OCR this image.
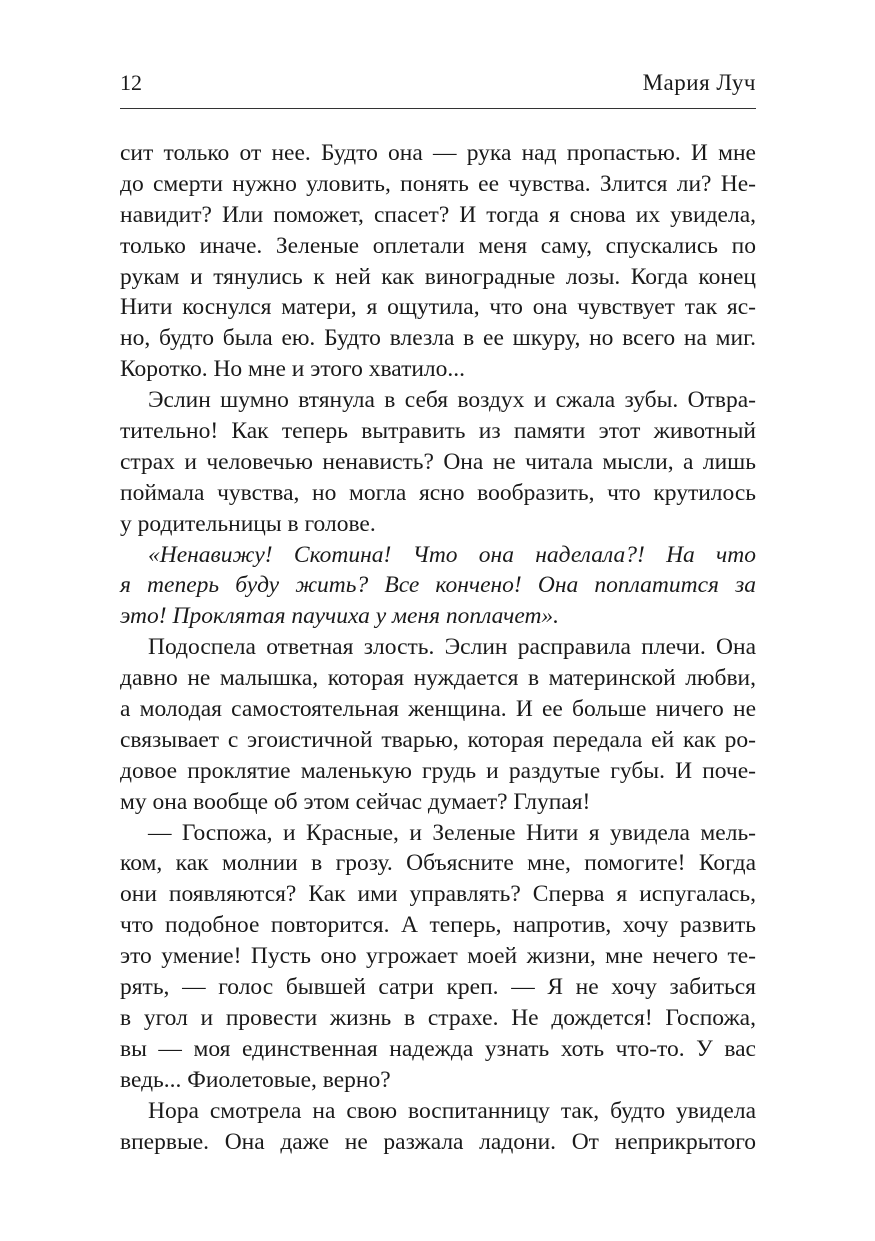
12	Мария Луч
сит только от нее. Будто она — рука над пропастью. И мне
до смерти нужно уловить, понять ее чувства. Злится ли? Не-
навидит? Или поможет, спасет? И тогда я снова их увидела,
только иначе. Зеленые оплетали меня саму, спускались по
рукам и тянулись к ней как виноградные лозы. Когда конец
Нити коснулся матери, я ощутила, что она чувствует так яс-
но, будто была ею. Будто влезла в ее шкуру, но всего на миг.
Коротко. Но мне и этого хватило...
Эслин шумно втянула в себя воздух и сжала зубы. Отвра-
тительно! Как теперь вытравить из памяти этот животный
страх и человечью ненависть? Она не читала мысли, а лишь
поймала чувства, но могла ясно вообразить, что крутилось
у родительницы в голове.
«Ненавижу! Скотина! Что она наделала?! На что
я теперь буду жить? Все кончено! Она поплатится за
это! Проклятая паучиха у меня поплачет».
Подоспела ответная злость. Эслин расправила плечи. Она
давно не малышка, которая нуждается в материнской любви,
а молодая самостоятельная женщина. И ее больше ничего не
связывает с эгоистичной тварью, которая передала ей как ро-
довое проклятие маленькую грудь и раздутые губы. И поче-
му она вообще об этом сейчас думает? Глупая!
— Госпожа, и Красные, и Зеленые Нити я увидела мель-
ком, как молнии в грозу. Объясните мне, помогите! Когда
они появляются? Как ими управлять? Сперва я испугалась,
что подобное повторится. А теперь, напротив, хочу развить
это умение! Пусть оно угрожает моей жизни, мне нечего те-
рять, — голос бывшей сатри креп. — Я не хочу забиться
в угол и провести жизнь в страхе. Не дождется! Госпожа,
вы — моя единственная надежда узнать хоть что-то. У вас
ведь... Фиолетовые, верно?
Нора смотрела на свою воспитанницу так, будто увидела
впервые. Она даже не разжала ладони. От неприкрытого
